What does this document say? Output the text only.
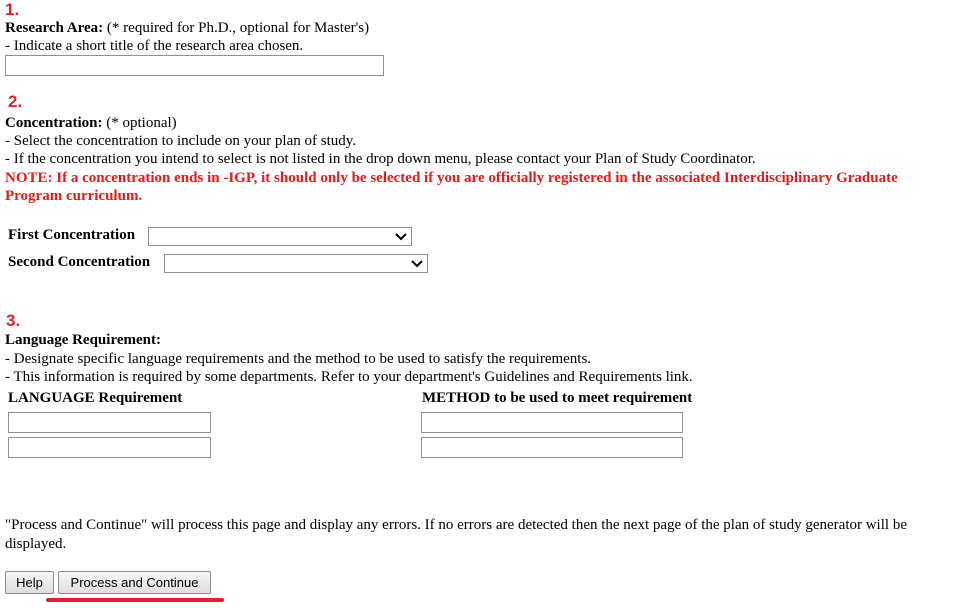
1.
Research Area: (* required for Ph.D., optional for Master's)
- Indicate a short title of the research area chosen.
2.
Concentration: (* optional)
- Select the concentration to include on your plan of study.
- If the concentration you intend to select is not listed in the drop down menu, please contact your Plan of Study Coordinator.
NOTE: If a concentration ends in -IGP, it should only be selected if you are officially registered in the associated Interdisciplinary Graduate
Program curriculum.
First Concentration
Second Concentration
3.
Language Requirement:
- Designate specific language requirements and the method to be used to satisfy the requirements.
- This information is required by some departments. Refer to your department's Guidelines and Requirements link.
LANGUAGE Requirement	METHOD to be used to meet requirement
"Process and Continue" will process this page and display any errors. If no errors are detected then the next page of the plan of study generator will be
displayed.
Help	Process and Continue
